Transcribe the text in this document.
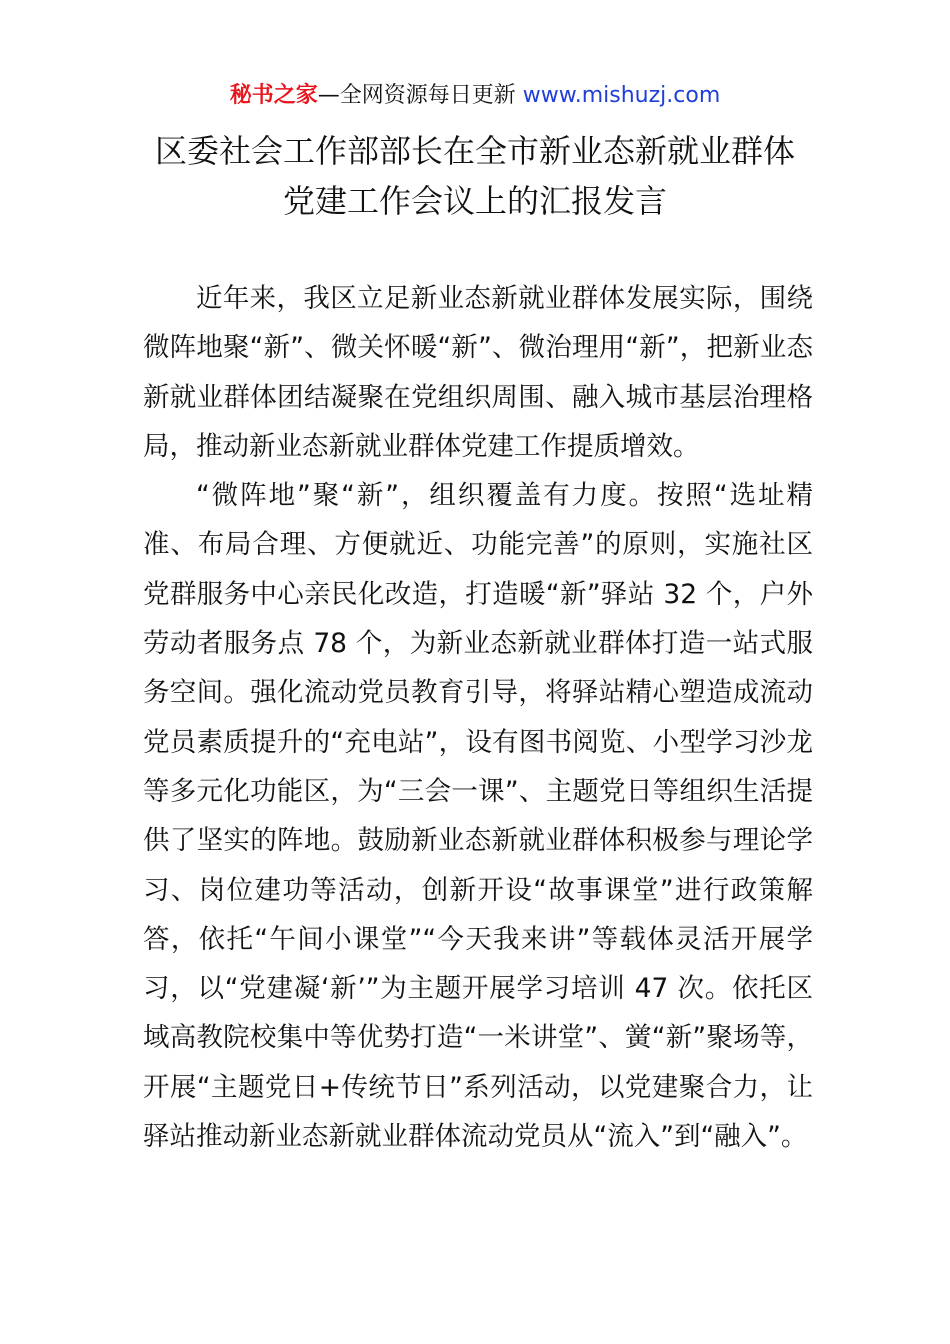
秘书之家—全网资源每日更新 www.mishuzj.com
区委社会工作部部长在全市新业态新就业群体
党建工作会议上的汇报发言

近年来，我区立足新业态新就业群体发展实际，围绕微阵地聚“新”、微关怀暖“新”、微治理用“新”，把新业态新就业群体团结凝聚在党组织周围、融入城市基层治理格局，推动新业态新就业群体党建工作提质增效。

“微阵地”聚“新”，组织覆盖有力度。按照“选址精准、布局合理、方便就近、功能完善”的原则，实施社区党群服务中心亲民化改造，打造暖“新”驿站 32 个，户外劳动者服务点 78 个，为新业态新就业群体打造一站式服务空间。强化流动党员教育引导，将驿站精心塑造成流动党员素质提升的“充电站”，设有图书阅览、小型学习沙龙等多元化功能区，为“三会一课”、主题党日等组织生活提供了坚实的阵地。鼓励新业态新就业群体积极参与理论学习、岗位建功等活动，创新开设“故事课堂”进行政策解答，依托“午间小课堂”“今天我来讲”等载体灵活开展学习，以“党建凝‘新’”为主题开展学习培训 47 次。依托区域高教院校集中等优势打造“一米讲堂”、黉“新”聚场等，开展“主题党日+传统节日”系列活动，以党建聚合力，让驿站推动新业态新就业群体流动党员从“流入”到“融入”。
